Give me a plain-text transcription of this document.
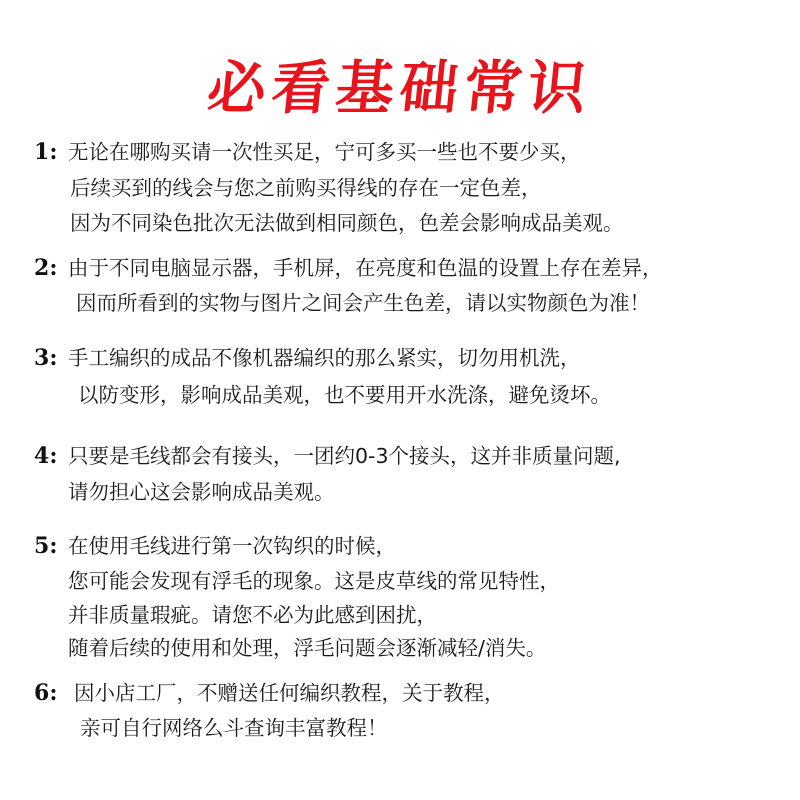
必看基础常识
1: 无论在哪购买请一次性买足，宁可多买一些也不要少买，
后续买到的线会与您之前购买得线的存在一定色差，
因为不同染色批次无法做到相同颜色，色差会影响成品美观。
2: 由于不同电脑显示器，手机屏，在亮度和色温的设置上存在差异，
因而所看到的实物与图片之间会产生色差，请以实物颜色为准！
3: 手工编织的成品不像机器编织的那么紧实，切勿用机洗，
以防变形，影响成品美观，也不要用开水洗涤，避免烫坏。
4: 只要是毛线都会有接头，一团约0-3个接头，这并非质量问题,
请勿担心这会影响成品美观。
5: 在使用毛线进行第一次钩织的时候，
您可能会发现有浮毛的现象。这是皮草线的常见特性，
并非质量瑕疵。请您不必为此感到困扰，
随着后续的使用和处理，浮毛问题会逐渐减轻/消失。
6: 因小店工厂，不赠送任何编织教程，关于教程，
亲可自行网络么斗查询丰富教程！
